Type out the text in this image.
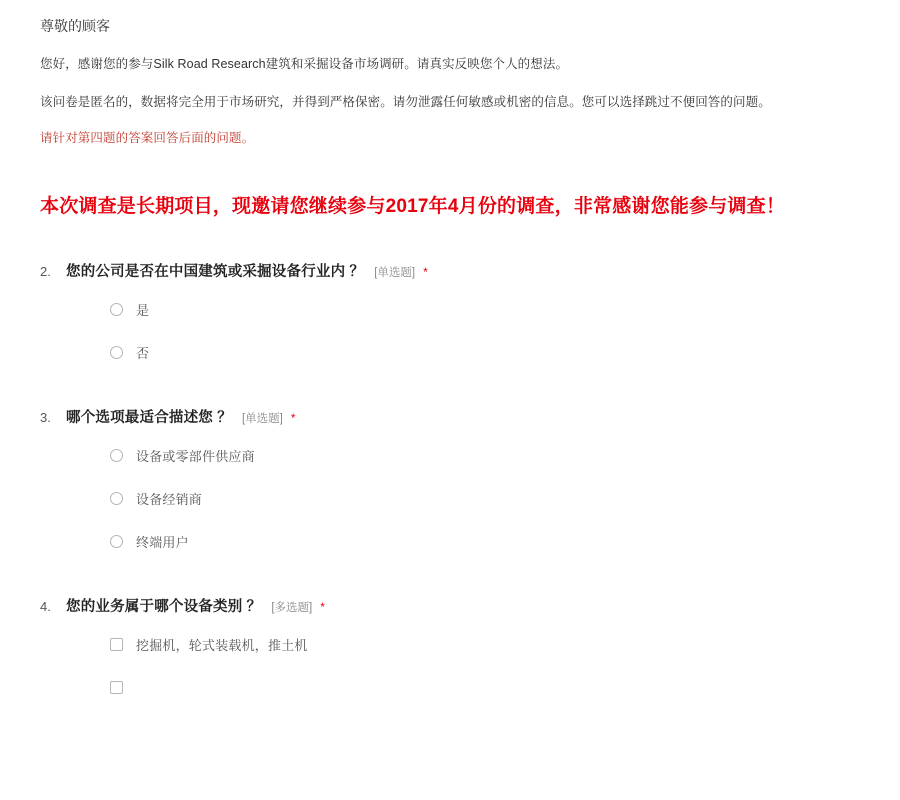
尊敬的顾客
您好，感谢您的参与Silk Road Research建筑和采掘设备市场调研。请真实反映您个人的想法。
该问卷是匿名的，数据将完全用于市场研究，并得到严格保密。请勿泄露任何敏感或机密的信息。您可以选择跳过不便回答的问题。
请针对第四题的答案回答后面的问题。
本次调查是长期项目，现邀请您继续参与2017年4月份的调查，非常感谢您能参与调查！
2.	您的公司是否在中国建筑或采掘设备行业内 ？ [单选题] *
是
否
3.	哪个选项最适合描述您 ？ [单选题] *
设备或零部件供应商
设备经销商
终端用户
4.	您的业务属于哪个设备类别 ？ [多选题] *
挖掘机，轮式装载机，推土机
